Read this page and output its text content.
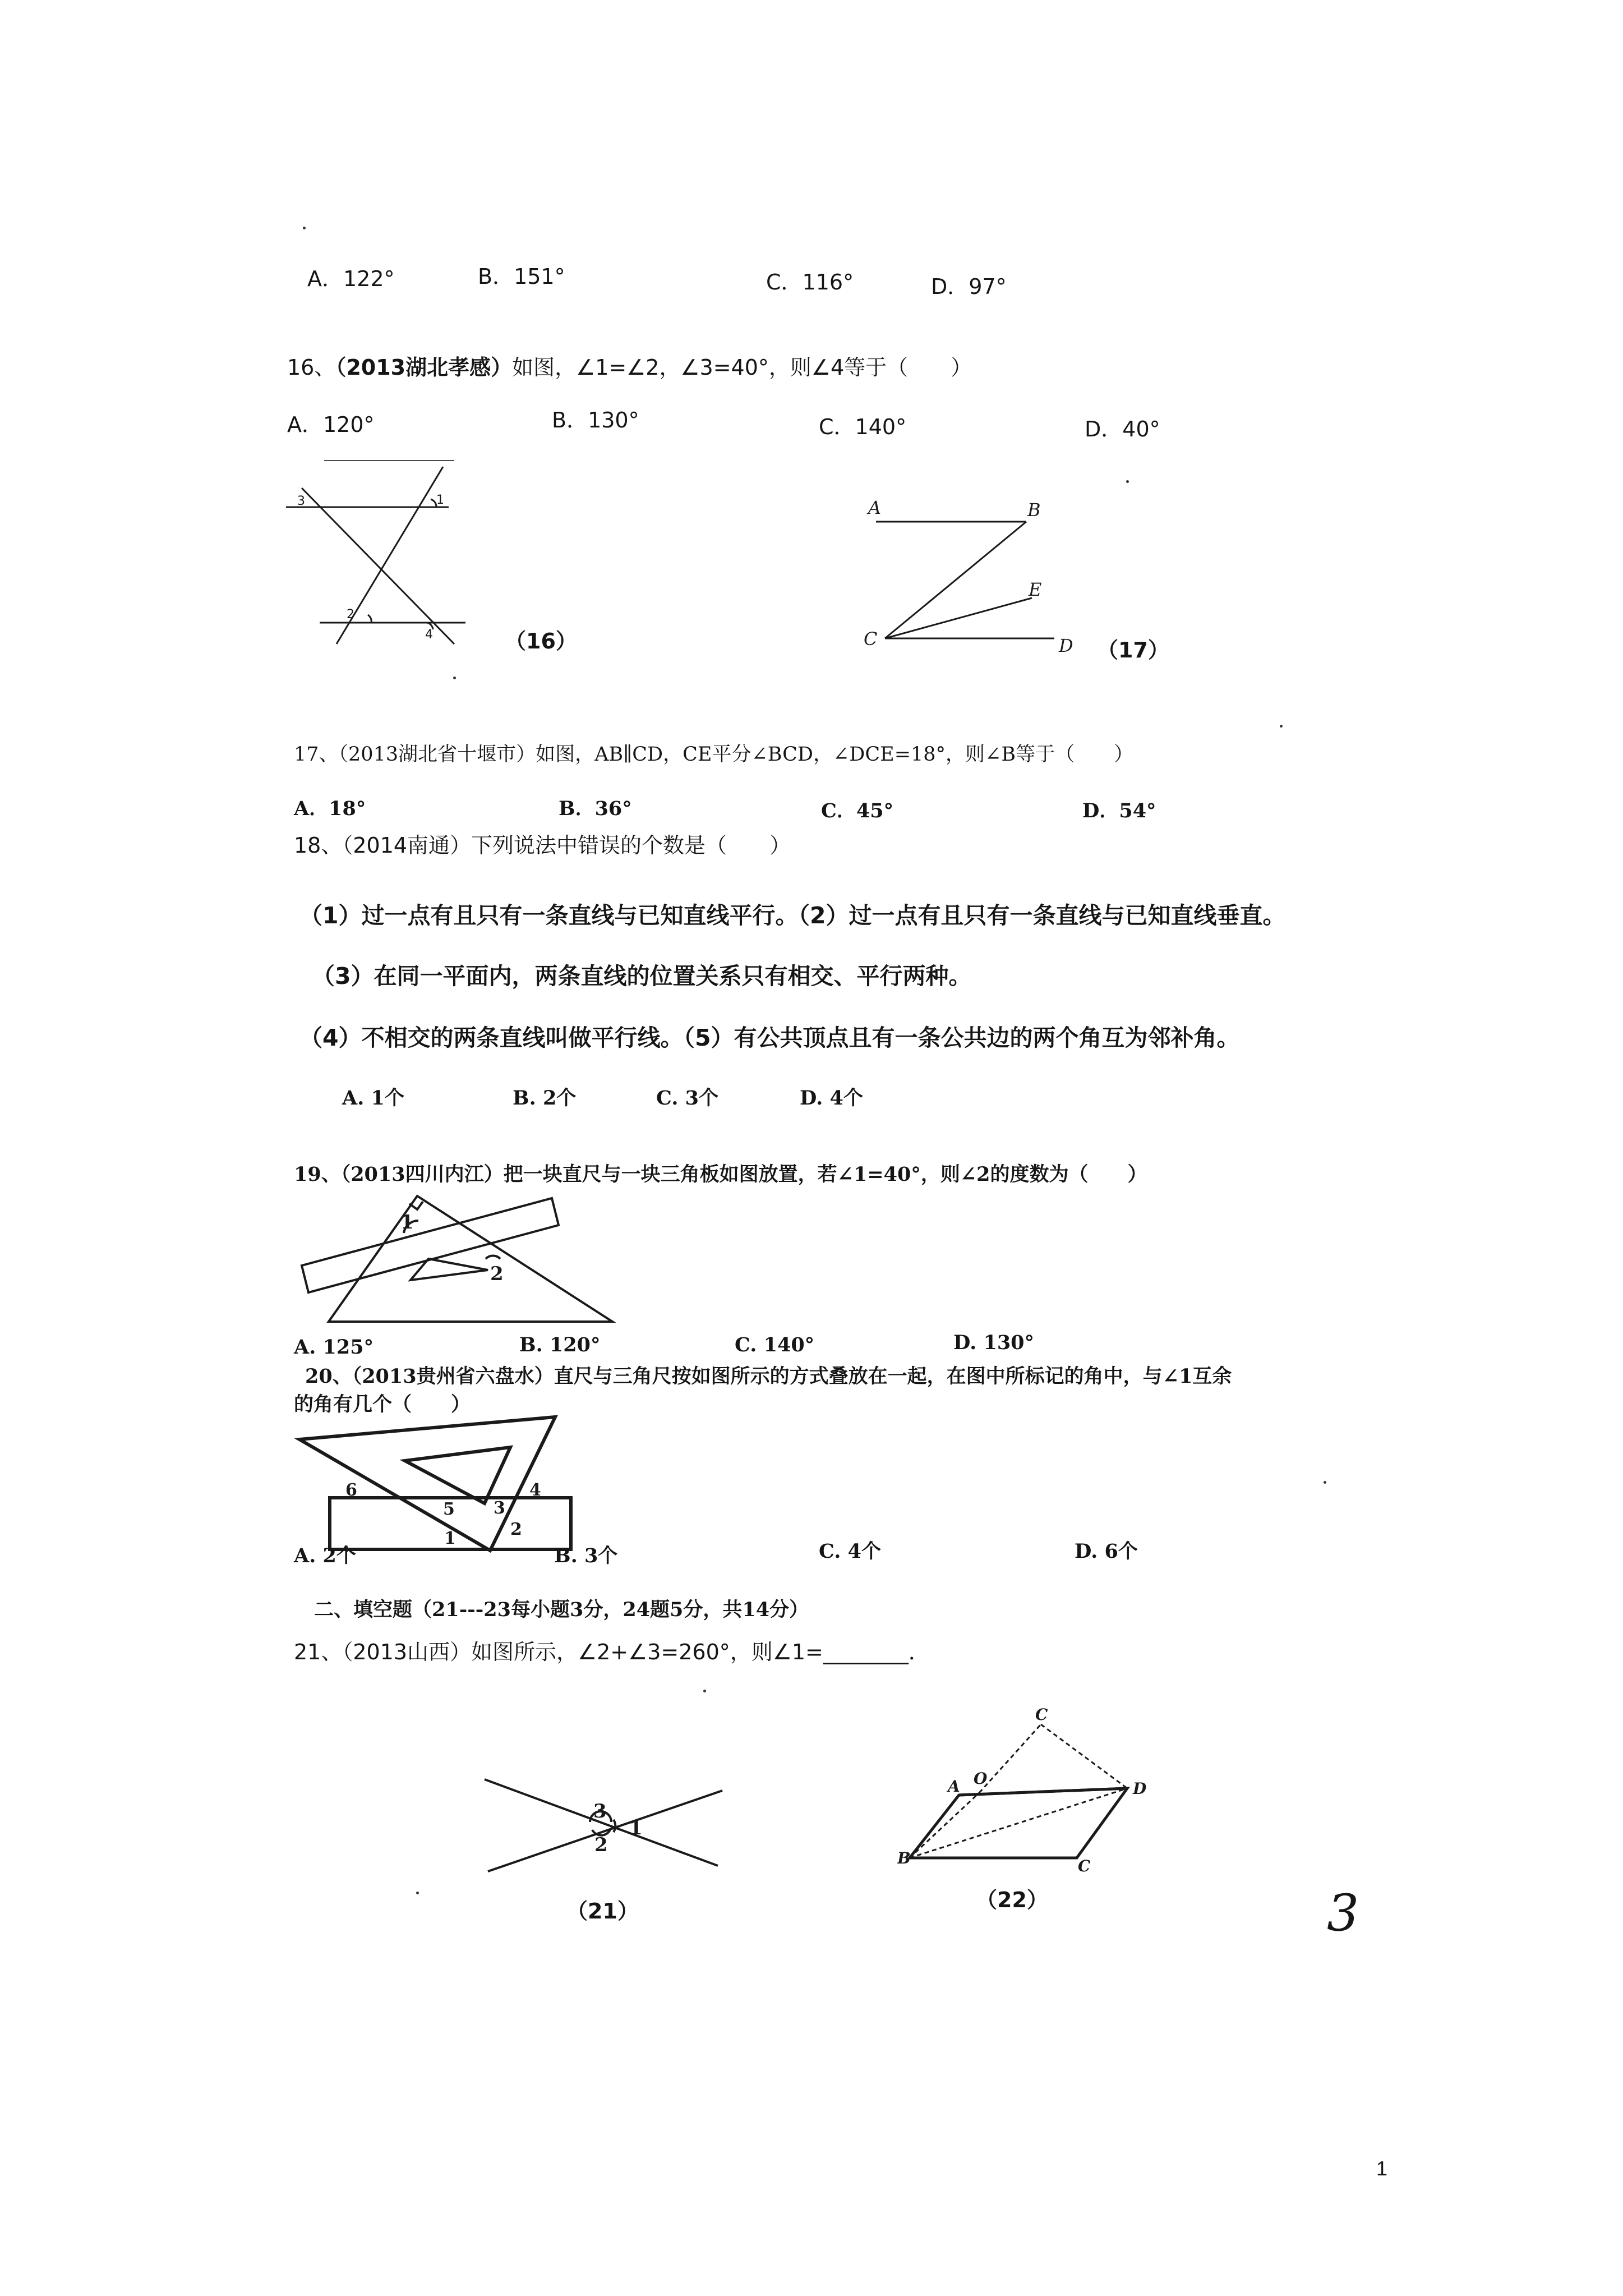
A．122°	B．151°	C．116°	D．97°
16、（2013湖北孝感）如图，∠1=∠2，∠3=40°，则∠4等于（　　）
A．120°	B．130°	C．140°	D．40°
3	1
2
4	（16）
A	B
E
C	D （17）
17、（2013湖北省十堰市）如图，AB∥CD，CE平分∠BCD，∠DCE=18°，则∠B等于（　　）
A．18°	B．36°	C．45°	D．54°
18、（2014南通）下列说法中错误的个数是（　　）
（1）过一点有且只有一条直线与已知直线平行。（2）过一点有且只有一条直线与已知直线垂直。
（3）在同一平面内，两条直线的位置关系只有相交、平行两种。
（4）不相交的两条直线叫做平行线。（5）有公共顶点且有一条公共边的两个角互为邻补角。
A. 1个	B. 2个	C. 3个	D. 4个
19、（2013四川内江）把一块直尺与一块三角板如图放置，若∠1=40°，则∠2的度数为（　　）
1
2
A. 125°	B. 120°	C. 140°	D. 130°
20、（2013贵州省六盘水）直尺与三角尺按如图所示的方式叠放在一起，在图中所标记的角中，与∠1互余
的角有几个（　　）
6
5
1
3
4
2
A. 2个	B. 3个	C. 4个	D. 6个
二、填空题（21---23每小题3分，24题5分，共14分）
21、（2013山西）如图所示，∠2+∠3=260°，则∠1=________．
3
2
1
（21）
C
A O
D
B	C
（22）	3
1
